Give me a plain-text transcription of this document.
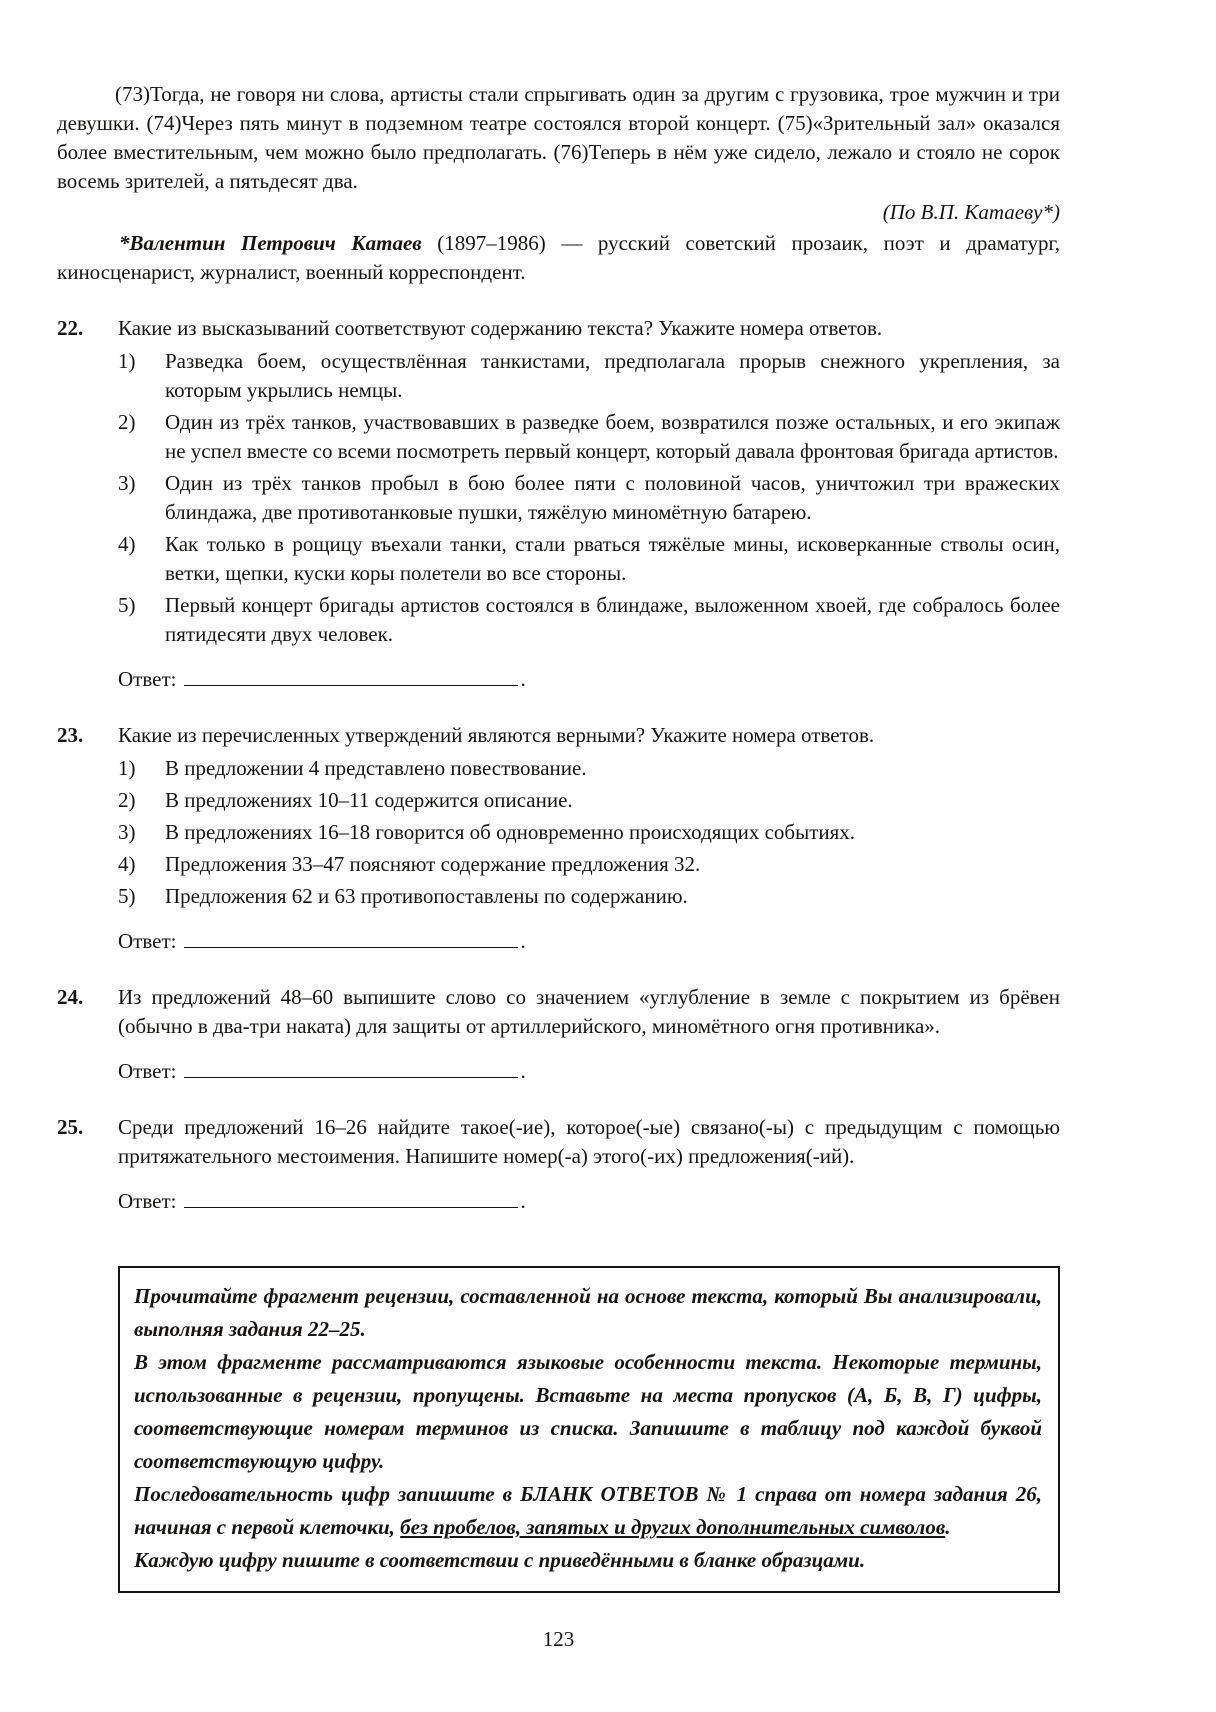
(73)Тогда, не говоря ни слова, артисты стали спрыгивать один за другим с грузовика, трое мужчин и три девушки. (74)Через пять минут в подземном театре состоялся второй концерт. (75)«Зрительный зал» оказался более вместительным, чем можно было предполагать. (76)Теперь в нём уже сидело, лежало и стояло не сорок восемь зрителей, а пятьдесят два.

(По В.П. Катаеву*)

*Валентин Петрович Катаев (1897–1986) — русский советский прозаик, поэт и драматург, киносценарист, журналист, военный корреспондент.

22.	Какие из высказываний соответствуют содержанию текста? Укажите номера ответов.

1)	Разведка боем, осуществлённая танкистами, предполагала прорыв снежного укрепления, за которым укрылись немцы.
2)	Один из трёх танков, участвовавших в разведке боем, возвратился позже остальных, и его экипаж не успел вместе со всеми посмотреть первый концерт, который давала фронтовая бригада артистов.
3)	Один из трёх танков пробыл в бою более пяти с половиной часов, уничтожил три вражеских блиндажа, две противотанковые пушки, тяжёлую миномётную батарею.
4)	Как только в рощицу въехали танки, стали рваться тяжёлые мины, исковерканные стволы осин, ветки, щепки, куски коры полетели во все стороны.
5)	Первый концерт бригады артистов состоялся в блиндаже, выложенном хвоей, где собралось более пятидесяти двух человек.
Ответ:	.
23.	Какие из перечисленных утверждений являются верными? Укажите номера ответов.

1)	В предложении 4 представлено повествование.
2)	В предложениях 10–11 содержится описание.
3)	В предложениях 16–18 говорится об одновременно происходящих событиях.
4)	Предложения 33–47 поясняют содержание предложения 32.
5)	Предложения 62 и 63 противопоставлены по содержанию.
Ответ:	.
24.	Из предложений 48–60 выпишите слово со значением «углубление в земле с покрытием из брёвен (обычно в два-три наката) для защиты от артиллерийского, миномётного огня противника».

Ответ:	.
25.	Среди предложений 16–26 найдите такое(-ие), которое(-ые) связано(-ы) с предыдущим с помощью притяжательного местоимения. Напишите номер(-а) этого(-их) предложения(-ий).

Ответ:	.

Прочитайте фрагмент рецензии, составленной на основе текста, который Вы анализировали, выполняя задания 22–25.

В этом фрагменте рассматриваются языковые особенности текста. Некоторые термины, использованные в рецензии, пропущены. Вставьте на места пропусков (А, Б, В, Г) цифры, соответствующие номерам терминов из списка. Запишите в таблицу под каждой буквой соответствующую цифру.

Последовательность цифр запишите в БЛАНК ОТВЕТОВ № 1 справа от номера задания 26, начиная с первой клеточки, без пробелов, запятых и других дополнительных символов.

Каждую цифру пишите в соответствии с приведёнными в бланке образцами.

123
